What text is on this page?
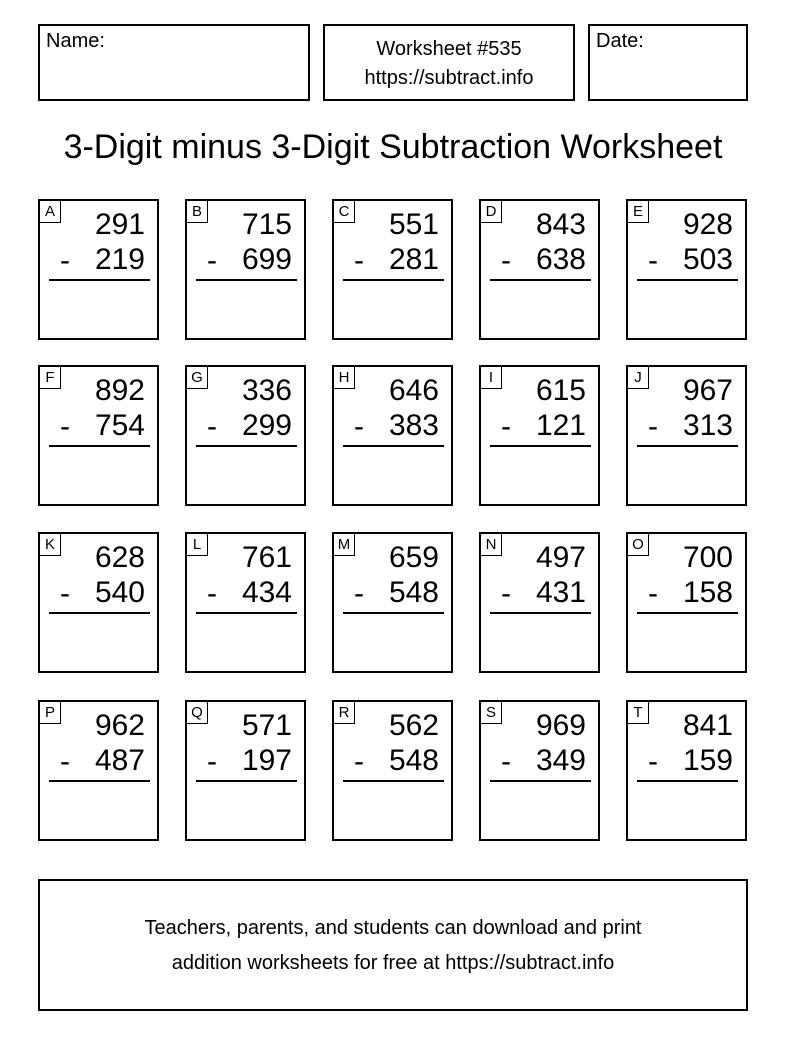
Name:	Worksheet #535
https://subtract.info
Date:
3-Digit minus 3-Digit Subtraction Worksheet
A 291
- 219
B 715
- 699
C 551
- 281
D 843
- 638
E 928
- 503
F 892
- 754
G 336
- 299
H 646
- 383
I 615
- 121
J 967
- 313
K 628
- 540
L 761
- 434
M 659
- 548
N 497
- 431
O 700
- 158
P 962
- 487
Q 571
- 197
R 562
- 548
S 969
- 349
T 841
- 159
Teachers, parents, and students can download and print
addition worksheets for free at https://subtract.info
